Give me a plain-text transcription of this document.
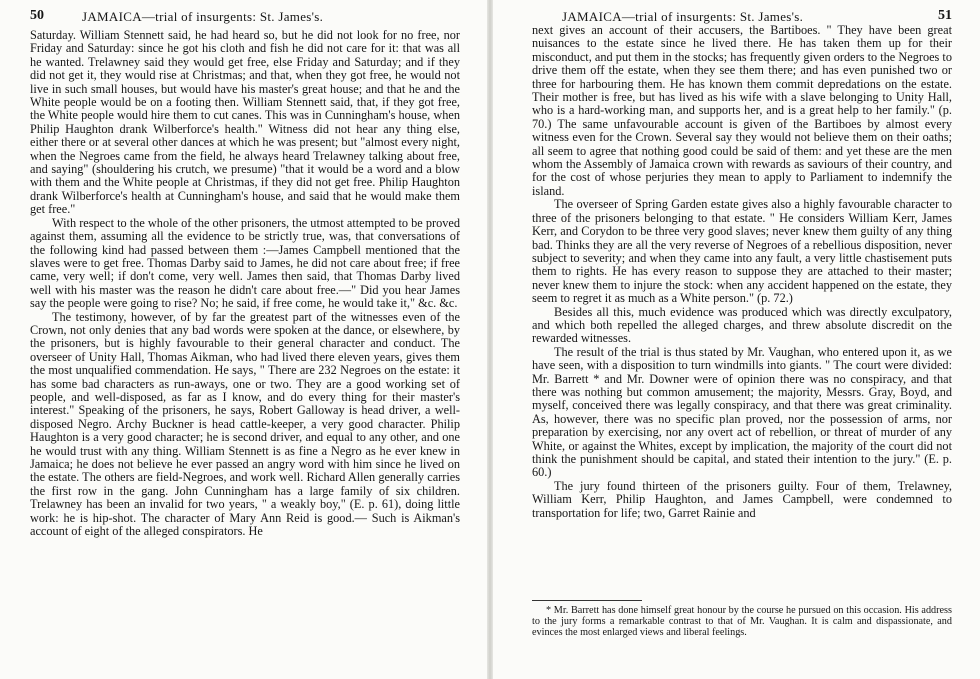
50	JAMAICA—trial of insurgents: St. James's.

Saturday. William Stennett said, he had heard so, but he did not look for no free, nor Friday and Saturday: since he got his cloth and fish he did not care for it: that was all he wanted. Trelawney said they would get free, else Friday and Saturday; and if they did not get it, they would rise at Christmas; and that, when they got free, he would not live in such small houses, but would have his master's great house; and that he and the White people would be on a footing then. William Stennett said, that, if they got free, the White people would hire them to cut canes. This was in Cunningham's house, when Philip Haughton drank Wilberforce's health." Witness did not hear any thing else, either there or at several other dances at which he was present; but "almost every night, when the Negroes came from the field, he always heard Trelawney talking about free, and saying" (shouldering his crutch, we presume) "that it would be a word and a blow with them and the White people at Christmas, if they did not get free. Philip Haughton drank Wilberforce's health at Cunningham's house, and said that he would make them get free."

With respect to the whole of the other prisoners, the utmost attempted to be proved against them, assuming all the evidence to be strictly true, was, that conversations of the following kind had passed between them :—James Campbell mentioned that the slaves were to get free. Thomas Darby said to James, he did not care about free; if free came, very well; if don't come, very well. James then said, that Thomas Darby lived well with his master was the reason he didn't care about free.—" Did you hear James say the people were going to rise? No; he said, if free come, he would take it," &c. &c.

The testimony, however, of by far the greatest part of the witnesses even of the Crown, not only denies that any bad words were spoken at the dance, or elsewhere, by the prisoners, but is highly favourable to their general character and conduct. The overseer of Unity Hall, Thomas Aikman, who had lived there eleven years, gives them the most unqualified commendation. He says, " There are 232 Negroes on the estate: it has some bad characters as run-aways, one or two. They are a good working set of people, and well-disposed, as far as I know, and do every thing for their master's interest." Speaking of the prisoners, he says, Robert Galloway is head driver, a well-disposed Negro. Archy Buckner is head cattle-keeper, a very good character. Philip Haughton is a very good character; he is second driver, and equal to any other, and one he would trust with any thing. William Stennett is as fine a Negro as he ever knew in Jamaica; he does not believe he ever passed an angry word with him since he lived on the estate. The others are field-Negroes, and work well. Richard Allen generally carries the first row in the gang. John Cunningham has a large family of six children. Trelawney has been an invalid for two years, " a weakly boy," (E. p. 61), doing little work: he is hip-shot. The character of Mary Ann Reid is good.— Such is Aikman's account of eight of the alleged conspirators. He

JAMAICA—trial of insurgents: St. James's.	51

next gives an account of their accusers, the Bartiboes. " They have been great nuisances to the estate since he lived there. He has taken them up for their misconduct, and put them in the stocks; has frequently given orders to the Negroes to drive them off the estate, when they see them there; and has even punished two or three for harbouring them. He has known them commit depredations on the estate. Their mother is free, but has lived as his wife with a slave belonging to Unity Hall, who is a hard-working man, and supports her, and is a great help to her family." (p. 70.) The same unfavourable account is given of the Bartiboes by almost every witness even for the Crown. Several say they would not believe them on their oaths; all seem to agree that nothing good could be said of them: and yet these are the men whom the Assembly of Jamaica crown with rewards as saviours of their country, and for the cost of whose perjuries they mean to apply to Parliament to indemnify the island.

The overseer of Spring Garden estate gives also a highly favourable character to three of the prisoners belonging to that estate. " He considers William Kerr, James Kerr, and Corydon to be three very good slaves; never knew them guilty of any thing bad. Thinks they are all the very reverse of Negroes of a rebellious disposition, never subject to severity; and when they came into any fault, a very little chastisement puts them to rights. He has every reason to suppose they are attached to their master; never knew them to injure the stock: when any accident happened on the estate, they seem to regret it as much as a White person." (p. 72.)

Besides all this, much evidence was produced which was directly exculpatory, and which both repelled the alleged charges, and threw absolute discredit on the rewarded witnesses.

The result of the trial is thus stated by Mr. Vaughan, who entered upon it, as we have seen, with a disposition to turn windmills into giants. " The court were divided: Mr. Barrett * and Mr. Downer were of opinion there was no conspiracy, and that there was nothing but common amusement; the majority, Messrs. Gray, Boyd, and myself, conceived there was legally conspiracy, and that there was great criminality. As, however, there was no specific plan proved, nor the possession of arms, nor preparation by exercising, nor any overt act of rebellion, or threat of murder of any White, or against the Whites, except by implication, the majority of the court did not think the punishment should be capital, and stated their intention to the jury." (E. p. 60.)

The jury found thirteen of the prisoners guilty. Four of them, Trelawney, William Kerr, Philip Haughton, and James Campbell, were condemned to transportation for life; two, Garret Rainie and

* Mr. Barrett has done himself great honour by the course he pursued on this occasion. His address to the jury forms a remarkable contrast to that of Mr. Vaughan. It is calm and dispassionate, and evinces the most enlarged views and liberal feelings.
